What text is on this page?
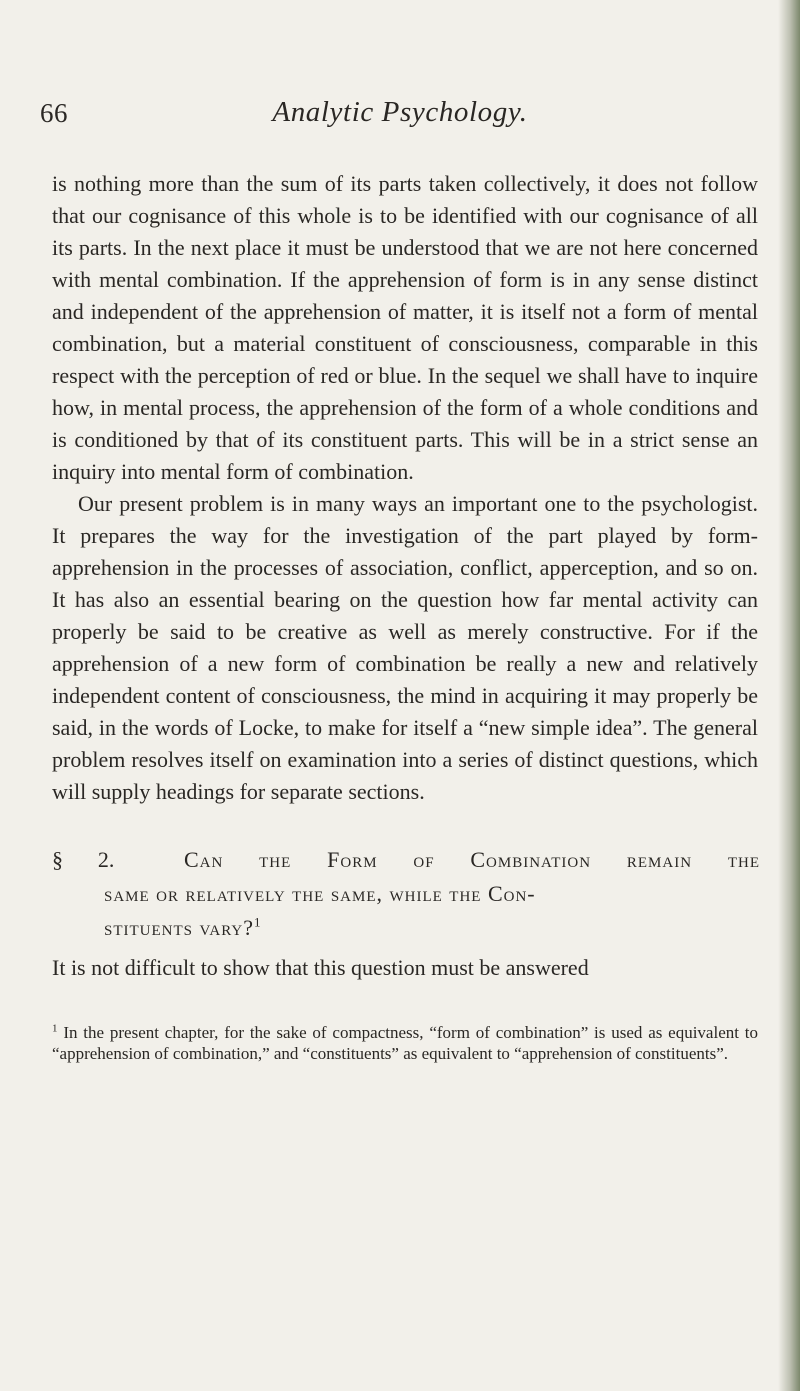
66	Analytic Psychology.

is nothing more than the sum of its parts taken collectively, it does not follow that our cognisance of this whole is to be identified with our cognisance of all its parts. In the next place it must be understood that we are not here concerned with mental combination. If the apprehension of form is in any sense distinct and independent of the apprehension of matter, it is itself not a form of mental combination, but a material constituent of consciousness, comparable in this respect with the perception of red or blue. In the sequel we shall have to inquire how, in mental process, the apprehension of the form of a whole conditions and is conditioned by that of its constituent parts. This will be in a strict sense an inquiry into mental form of combination.

Our present problem is in many ways an important one to the psychologist. It prepares the way for the investigation of the part played by form-apprehension in the processes of association, conflict, apperception, and so on. It has also an essential bearing on the question how far mental activity can properly be said to be creative as well as merely constructive. For if the apprehension of a new form of combination be really a new and relatively independent content of consciousness, the mind in acquiring it may properly be said, in the words of Locke, to make for itself a “new simple idea”. The general problem resolves itself on examination into a series of distinct questions, which will supply headings for separate sections.

§ 2.	Can the Form of Combination remain the
same or relatively the same, while the Con-
stituents vary?$^1$
It is not difficult to show that this question must be answered
$^1$ In the present chapter, for the sake of compactness, “form of combination” is used as equivalent to “apprehension of combination,” and “constituents” as equivalent to “apprehension of constituents”.
